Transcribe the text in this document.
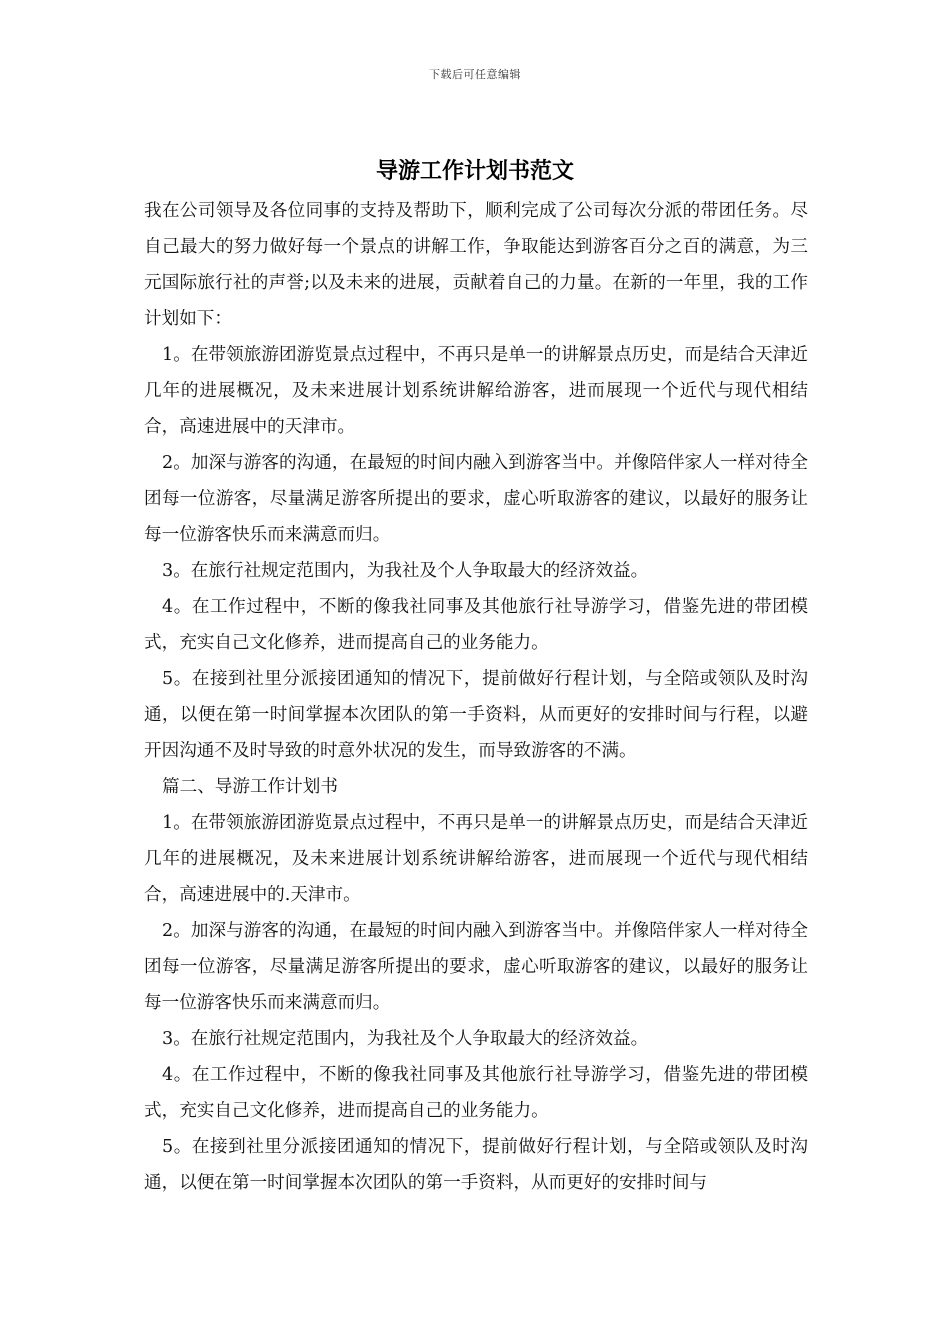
下载后可任意编辑
导游工作计划书范文

我在公司领导及各位同事的支持及帮助下，顺利完成了公司每次分派的带团任务。尽自己最大的努力做好每一个景点的讲解工作，争取能达到游客百分之百的满意，为三元国际旅行社的声誉;以及未来的进展，贡献着自己的力量。在新的一年里，我的工作计划如下：

1。在带领旅游团游览景点过程中，不再只是单一的讲解景点历史，而是结合天津近几年的进展概况，及未来进展计划系统讲解给游客，进而展现一个近代与现代相结合，高速进展中的天津市。

2。加深与游客的沟通，在最短的时间内融入到游客当中。并像陪伴家人一样对待全团每一位游客，尽量满足游客所提出的要求，虚心听取游客的建议，以最好的服务让每一位游客快乐而来满意而归。

3。在旅行社规定范围内，为我社及个人争取最大的经济效益。

4。在工作过程中，不断的像我社同事及其他旅行社导游学习，借鉴先进的带团模式，充实自己文化修养，进而提高自己的业务能力。

5。在接到社里分派接团通知的情况下，提前做好行程计划，与全陪或领队及时沟通，以便在第一时间掌握本次团队的第一手资料，从而更好的安排时间与行程，以避开因沟通不及时导致的时意外状况的发生，而导致游客的不满。

篇二、导游工作计划书

1。在带领旅游团游览景点过程中，不再只是单一的讲解景点历史，而是结合天津近几年的进展概况，及未来进展计划系统讲解给游客，进而展现一个近代与现代相结合，高速进展中的.天津市。

2。加深与游客的沟通，在最短的时间内融入到游客当中。并像陪伴家人一样对待全团每一位游客，尽量满足游客所提出的要求，虚心听取游客的建议，以最好的服务让每一位游客快乐而来满意而归。

3。在旅行社规定范围内，为我社及个人争取最大的经济效益。

4。在工作过程中，不断的像我社同事及其他旅行社导游学习，借鉴先进的带团模式，充实自己文化修养，进而提高自己的业务能力。

5。在接到社里分派接团通知的情况下，提前做好行程计划，与全陪或领队及时沟通，以便在第一时间掌握本次团队的第一手资料，从而更好的安排时间与
